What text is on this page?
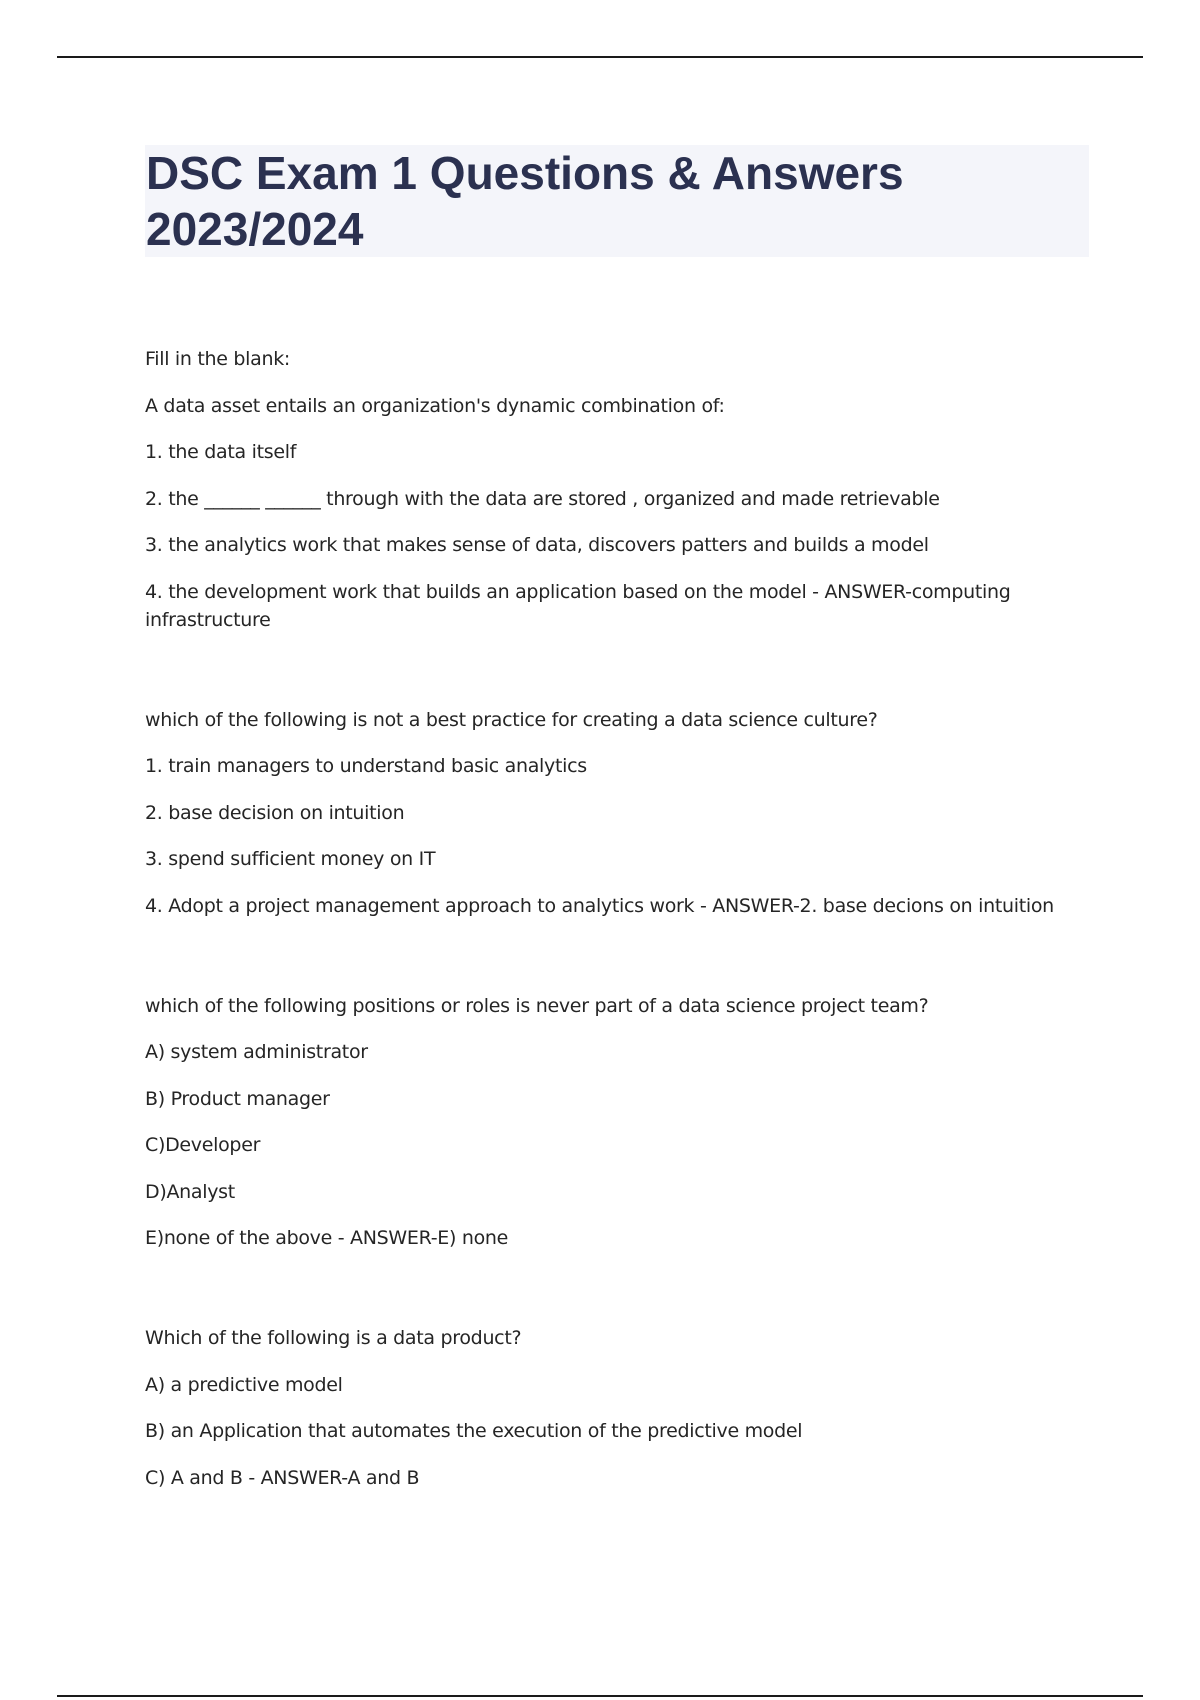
DSC Exam 1 Questions & Answers 2023/2024

Fill in the blank:

A data asset entails an organization's dynamic combination of:

1. the data itself

2. the ______ ______ through with the data are stored , organized and made retrievable

3. the analytics work that makes sense of data, discovers patters and builds a model

4. the development work that builds an application based on the model - ANSWER-computing infrastructure

which of the following is not a best practice for creating a data science culture?

1. train managers to understand basic analytics

2. base decision on intuition

3. spend sufficient money on IT

4. Adopt a project management approach to analytics work - ANSWER-2. base decions on intuition

which of the following positions or roles is never part of a data science project team?

A) system administrator

B) Product manager

C)Developer

D)Analyst

E)none of the above - ANSWER-E) none

Which of the following is a data product?

A) a predictive model

B) an Application that automates the execution of the predictive model

C) A and B - ANSWER-A and B
